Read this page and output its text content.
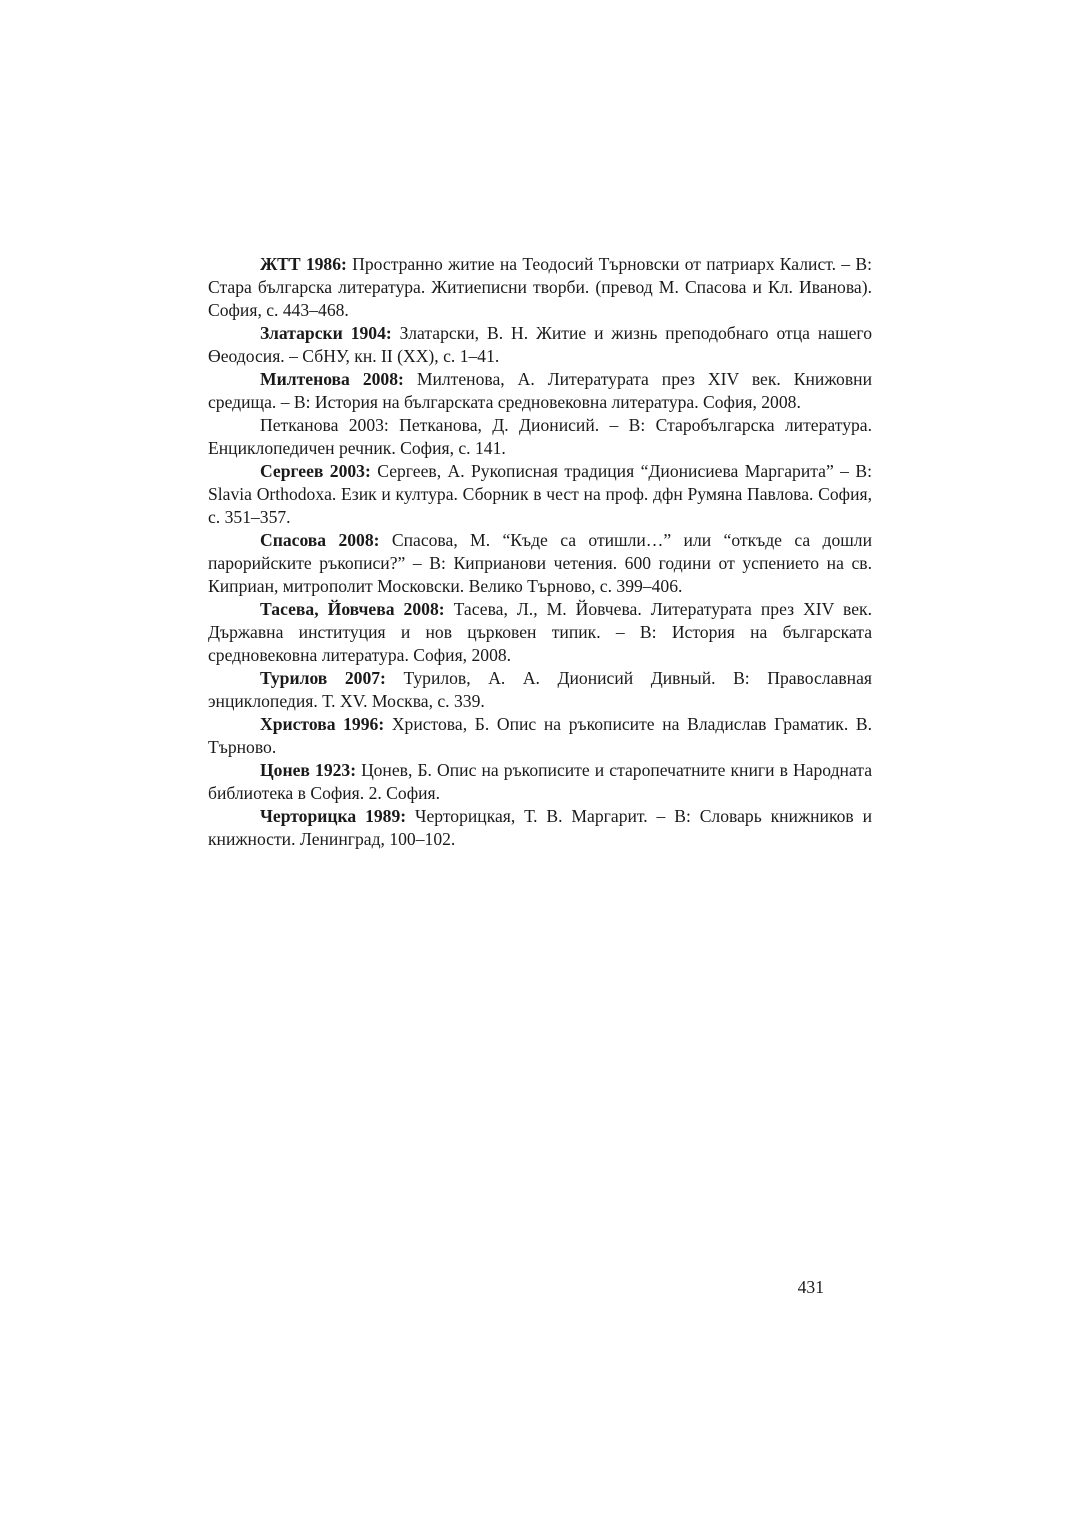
ЖТТ 1986: Пространно житие на Теодосий Търновски от патриарх Калист. – В: Стара българска литература. Житиеписни творби. (превод М. Спасова и Кл. Иванова). София, с. 443–468.

Златарски 1904: Златарски, В. Н. Житие и жизнь преподобнаго отца нашего Өеодосия. – СбНУ, кн. II (XX), с. 1–41.

Милтенова 2008: Милтенова, А. Литературата през XIV век. Книжовни средища. – В: История на българската средновековна литература. София, 2008.

Петканова 2003: Петканова, Д. Дионисий. – В: Старобългарска литература. Енциклопедичен речник. София, с. 141.

Сергеев 2003: Сергеев, А. Рукописная традиция “Дионисиева Маргарита” – В: Slavia Orthodoxa. Език и култура. Сборник в чест на проф. дфн Румяна Павлова. София, с. 351–357.

Спасова 2008: Спасова, М. “Къде са отишли…” или “откъде са дошли парорийските ръкописи?” – В: Киприанови четения. 600 години от успението на св. Киприан, митрополит Московски. Велико Търново, с. 399–406.

Тасева, Йовчева 2008: Тасева, Л., М. Йовчева. Литературата през XIV век. Държавна институция и нов църковен типик. – В: История на българската средновековна литература. София, 2008.

Турилов 2007: Турилов, А. А. Дионисий Дивный. В: Православная энциклопедия. Т. XV. Москва, с. 339.

Христова 1996: Христова, Б. Опис на ръкописите на Владислав Граматик. В. Търново.

Цонев 1923: Цонев, Б. Опис на ръкописите и старопечатните книги в Народната библиотека в София. 2. София.

Черторицка 1989: Черторицкая, Т. В. Маргарит. – В: Словарь книжников и книжности. Ленинград, 100–102.

431
